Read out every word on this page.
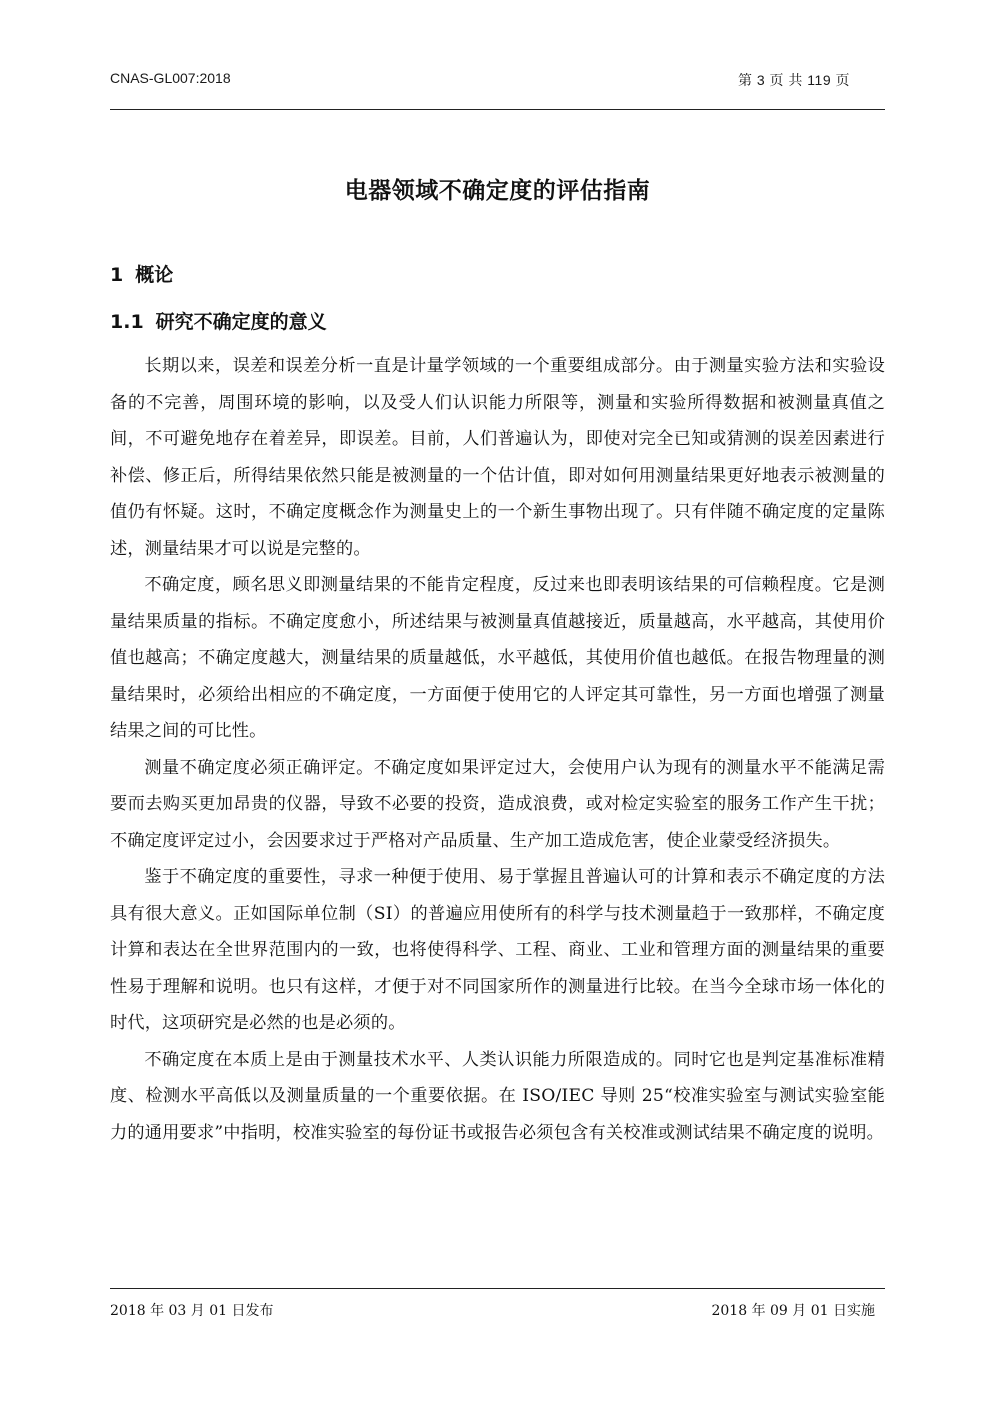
CNAS-GL007:2018	第 3 页 共 119 页
电器领域不确定度的评估指南
1 概论
1.1 研究不确定度的意义

长期以来，误差和误差分析一直是计量学领域的一个重要组成部分。由于测量实验方法和实验设备的不完善，周围环境的影响，以及受人们认识能力所限等，测量和实验所得数据和被测量真值之间，不可避免地存在着差异，即误差。目前，人们普遍认为，即使对完全已知或猜测的误差因素进行补偿、修正后，所得结果依然只能是被测量的一个估计值，即对如何用测量结果更好地表示被测量的值仍有怀疑。这时，不确定度概念作为测量史上的一个新生事物出现了。只有伴随不确定度的定量陈述，测量结果才可以说是完整的。

不确定度，顾名思义即测量结果的不能肯定程度，反过来也即表明该结果的可信赖程度。它是测量结果质量的指标。不确定度愈小，所述结果与被测量真值越接近，质量越高，水平越高，其使用价值也越高；不确定度越大，测量结果的质量越低，水平越低，其使用价值也越低。在报告物理量的测量结果时，必须给出相应的不确定度，一方面便于使用它的人评定其可靠性，另一方面也增强了测量结果之间的可比性。

测量不确定度必须正确评定。不确定度如果评定过大，会使用户认为现有的测量水平不能满足需要而去购买更加昂贵的仪器，导致不必要的投资，造成浪费，或对检定实验室的服务工作产生干扰；不确定度评定过小，会因要求过于严格对产品质量、生产加工造成危害，使企业蒙受经济损失。

鉴于不确定度的重要性，寻求一种便于使用、易于掌握且普遍认可的计算和表示不确定度的方法具有很大意义。正如国际单位制（SI）的普遍应用使所有的科学与技术测量趋于一致那样，不确定度计算和表达在全世界范围内的一致，也将使得科学、工程、商业、工业和管理方面的测量结果的重要性易于理解和说明。也只有这样，才便于对不同国家所作的测量进行比较。在当今全球市场一体化的时代，这项研究是必然的也是必须的。

不确定度在本质上是由于测量技术水平、人类认识能力所限造成的。同时它也是判定基准标准精度、检测水平高低以及测量质量的一个重要依据。在 ISO/IEC 导则 25“校准实验室与测试实验室能力的通用要求”中指明，校准实验室的每份证书或报告必须包含有关校准或测试结果不确定度的说明。

2018 年 03 月 01 日发布	2018 年 09 月 01 日实施
